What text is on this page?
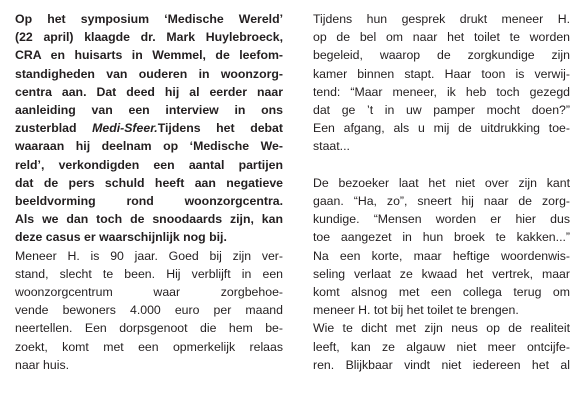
Op het symposium ‘Medische Wereld’
(22 april) klaagde dr. Mark Huylebroeck,
CRA en huisarts in Wemmel, de leefom-
standigheden van ouderen in woonzorg-
centra aan. Dat deed hij al eerder naar
aanleiding van een interview in ons
zusterblad Medi-Sfeer.Tijdens het debat
waaraan hij deelnam op ‘Medische We-
reld’, verkondigden een aantal partijen
dat de pers schuld heeft aan negatieve
beeldvorming rond woonzorgcentra.
Als we dan toch de snoodaards zijn, kan
deze casus er waarschijnlijk nog bij.
Meneer H. is 90 jaar. Goed bij zijn ver-
stand, slecht te been. Hij verblijft in een
woonzorgcentrum waar zorgbehoe-
vende bewoners 4.000 euro per maand
neertellen. Een dorpsgenoot die hem be-
zoekt, komt met een opmerkelijk relaas
naar huis.
Tijdens hun gesprek drukt meneer H.
op de bel om naar het toilet te worden
begeleid, waarop de zorgkundige zijn
kamer binnen stapt. Haar toon is verwij-
tend: “Maar meneer, ik heb toch gezegd
dat ge ’t in uw pamper mocht doen?”
Een afgang, als u mij de uitdrukking toe-
staat...
De bezoeker laat het niet over zijn kant
gaan. “Ha, zo”, sneert hij naar de zorg-
kundige. “Mensen worden er hier dus
toe aangezet in hun broek te kakken...”
Na een korte, maar heftige woordenwis-
seling verlaat ze kwaad het vertrek, maar
komt alsnog met een collega terug om
meneer H. tot bij het toilet te brengen.
Wie te dicht met zijn neus op de realiteit
leeft, kan ze algauw niet meer ontcijfe-
ren. Blijkbaar vindt niet iedereen het al
